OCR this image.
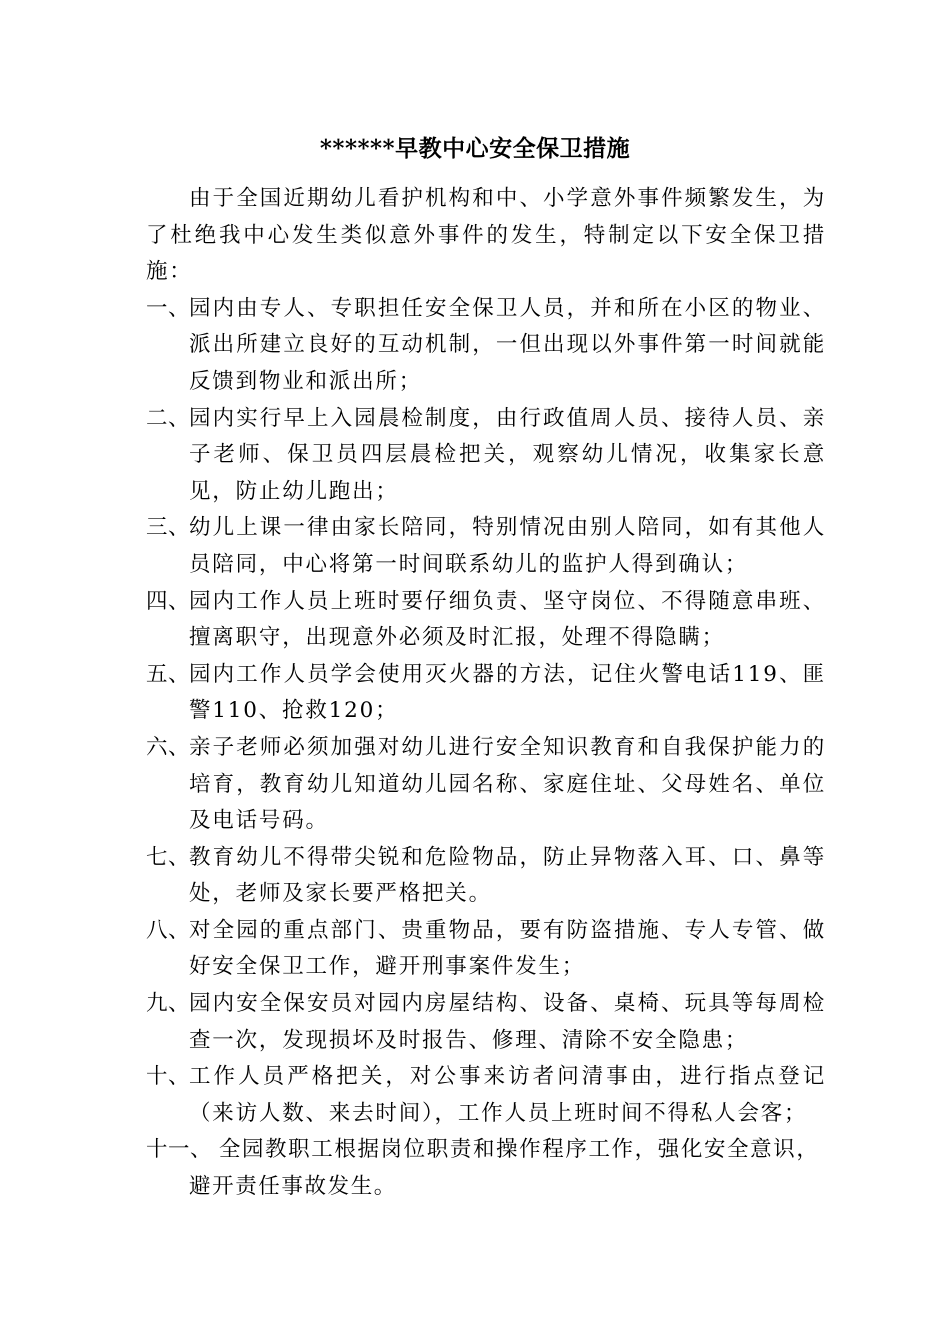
******早教中心安全保卫措施

由于全国近期幼儿看护机构和中、小学意外事件频繁发生，为了杜绝我中心发生类似意外事件的发生，特制定以下安全保卫措施：

一、
园内由专人、专职担任安全保卫人员，并和所在小区的物业、派出所建立良好的互动机制，一但出现以外事件第一时间就能反馈到物业和派出所；
二、
园内实行早上入园晨检制度，由行政值周人员、接待人员、亲子老师、保卫员四层晨检把关，观察幼儿情况，收集家长意见，防止幼儿跑出；
三、
幼儿上课一律由家长陪同，特别情况由别人陪同，如有其他人员陪同，中心将第一时间联系幼儿的监护人得到确认；
四、
园内工作人员上班时要仔细负责、坚守岗位、不得随意串班、擅离职守，出现意外必须及时汇报，处理不得隐瞒；
五、
园内工作人员学会使用灭火器的方法，记住火警电话119、匪警110、抢救120；
六、
亲子老师必须加强对幼儿进行安全知识教育和自我保护能力的培育，教育幼儿知道幼儿园名称、家庭住址、父母姓名、单位及电话号码。
七、
教育幼儿不得带尖锐和危险物品，防止异物落入耳、口、鼻等处，老师及家长要严格把关。
八、
对全园的重点部门、贵重物品，要有防盗措施、专人专管、做好安全保卫工作，避开刑事案件发生；
九、
园内安全保安员对园内房屋结构、设备、桌椅、玩具等每周检查一次，发现损坏及时报告、修理、清除不安全隐患；
十、
工作人员严格把关，对公事来访者问清事由，进行指点登记（来访人数、来去时间），工作人员上班时间不得私人会客；
十一、 全园教职工根据岗位职责和操作程序工作，强化安全意识，避开责任事故发生。
